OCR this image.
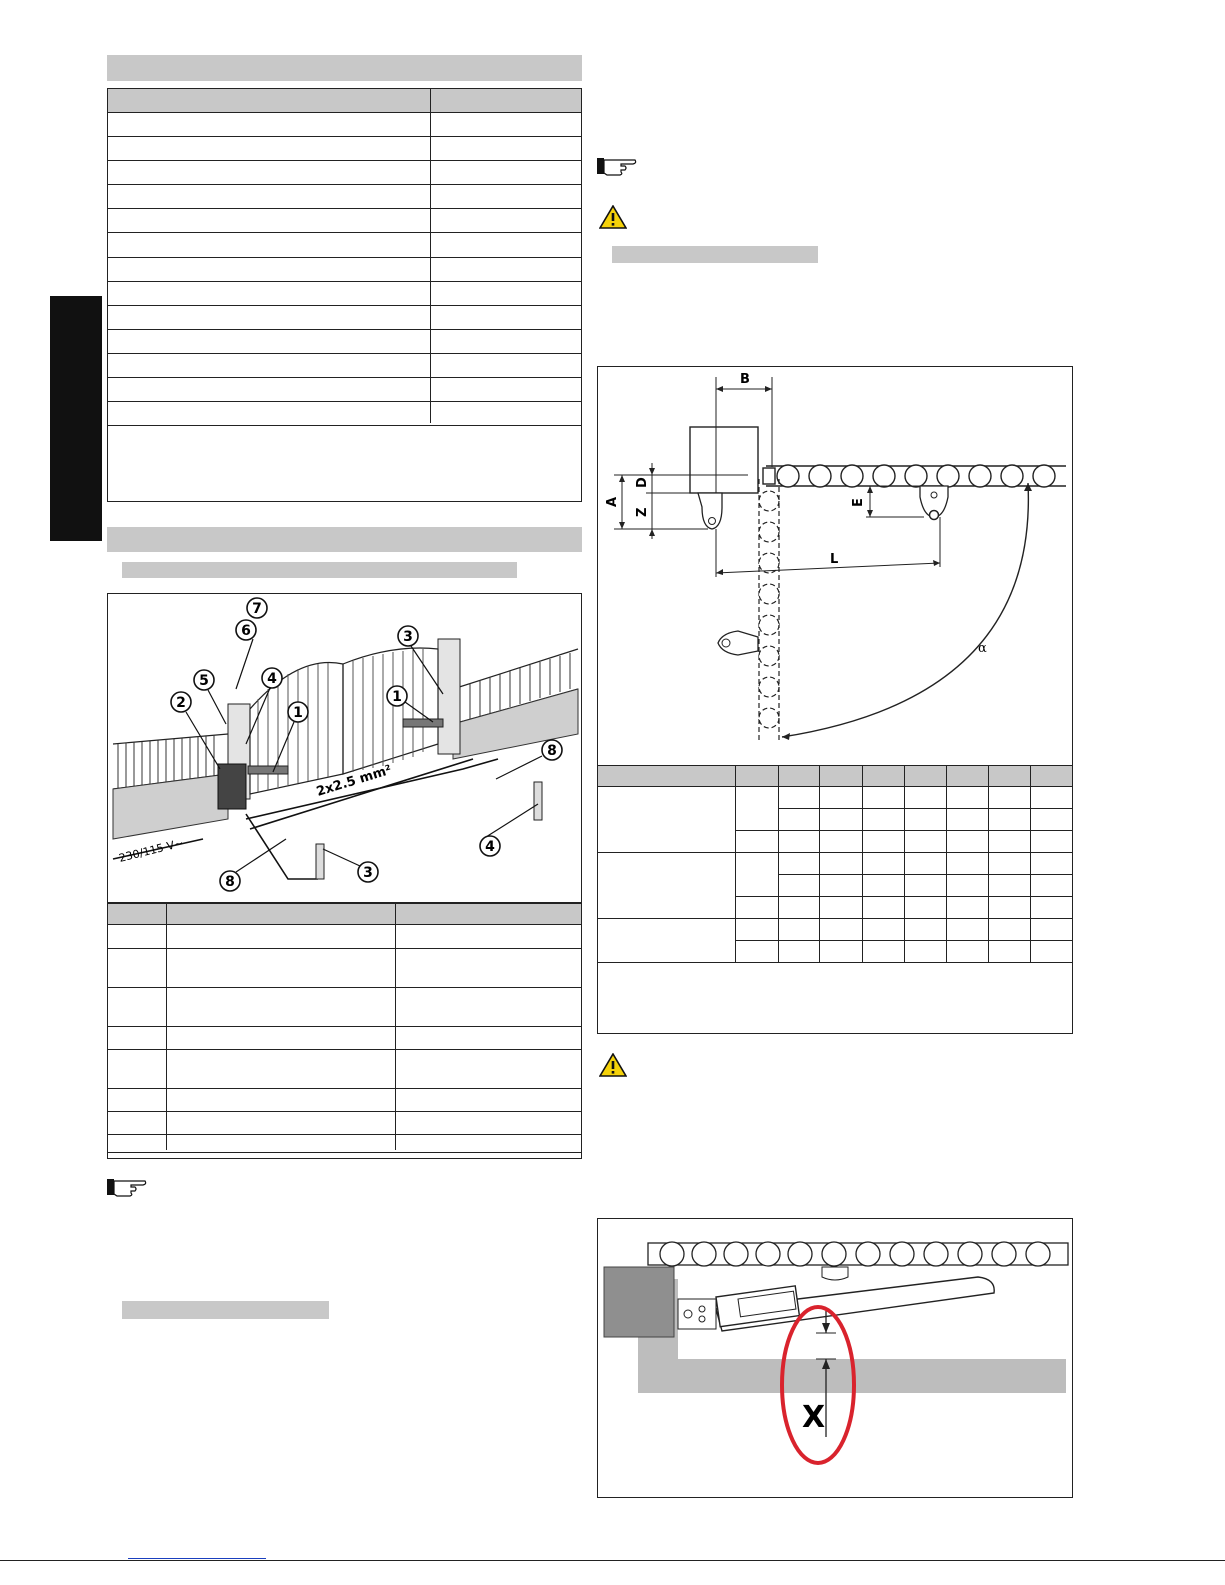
230/115 V~
2x2.5 mm²
7
6
5
2
4
1
3
1
8
4
3
8
B
A
D
Z
E
L
α
X
